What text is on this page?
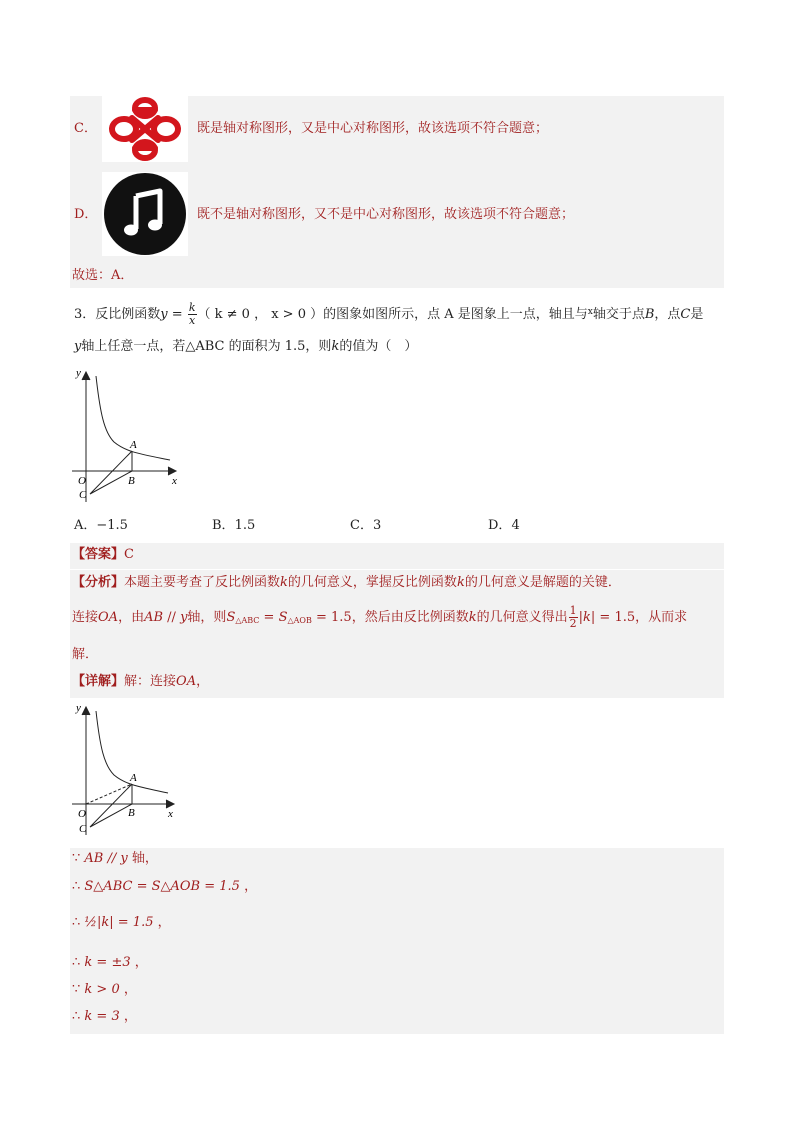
C．	既是轴对称图形，又是中心对称图形，故该选项不符合题意；
D．	既不是轴对称图形，又不是中心对称图形，故该选项不符合题意；
故选：A．
3．反比例函数$y = \frac{k}{x}$ （ k ≠ 0 ， x > 0 ）的图象如图所示，点 A 是图象上一点，轴且与$^x$轴交于点B，点C是
y轴上任意一点，若△ABC 的面积为 1.5，则k的值为（　）
y
x
A
B
O
C
A．−1.5	B．1.5	C．3	D．4
【答案】C
【分析】本题主要考查了反比例函数k的几何意义，掌握反比例函数k的几何意义是解题的关键．
连接OA，由AB // y轴，则$S_{\triangle ABC} = S_{\triangle AOB} = 1.5$，然后由反比例函数k的几何意义得出 $\frac{1}{2} |k| = 1.5$，从而求
解．
【详解】解：连接OA，
y
x
A
B
O
C
∵ AB // y 轴，
∴ S△ABC = S△AOB = 1.5 ，
∴ ½|k| = 1.5 ，
∴ k = ±3 ，
∵ k > 0 ，
∴ k = 3 ，
